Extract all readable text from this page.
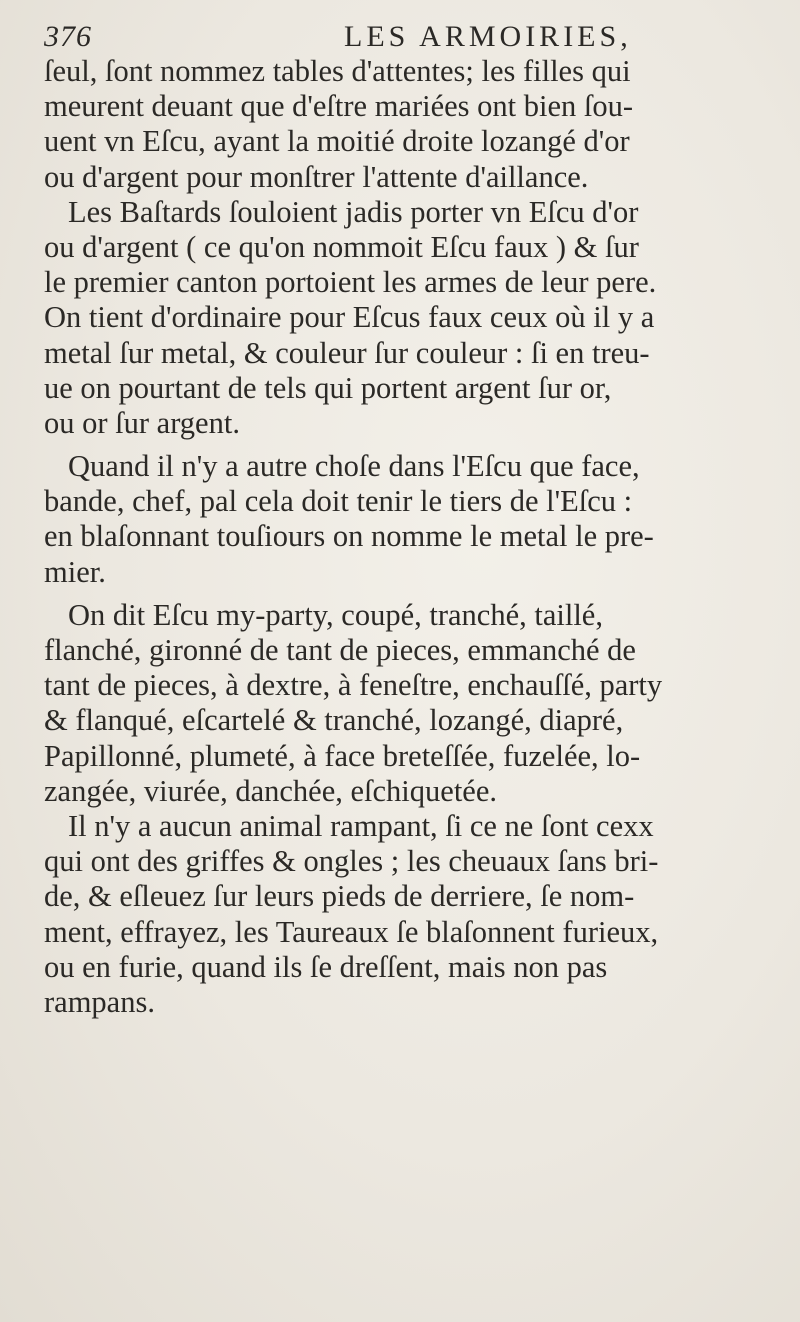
376	LES ARMOIRIES,
ſeul, ſont nommez tables d'attentes; les filles qui
meurent deuant que d'eſtre mariées ont bien ſou-
uent vn Eſcu, ayant la moitié droite lozangé d'or
ou d'argent pour monſtrer l'attente d'aillance.
Les Baſtards ſouloient jadis porter vn Eſcu d'or
ou d'argent ( ce qu'on nommoit Eſcu faux ) & ſur
le premier canton portoient les armes de leur pere.
On tient d'ordinaire pour Eſcus faux ceux où il y a
metal ſur metal, & couleur ſur couleur : ſi en treu-
ue on pourtant de tels qui portent argent ſur or,
ou or ſur argent.
Quand il n'y a autre choſe dans l'Eſcu que face,
bande, chef, pal cela doit tenir le tiers de l'Eſcu :
en blaſonnant touſiours on nomme le metal le pre-
mier.
On dit Eſcu my-party, coupé, tranché, taillé,
flanché, gironné de tant de pieces, emmanché de
tant de pieces, à dextre, à feneſtre, enchauſſé, party
& flanqué, eſcartelé & tranché, lozangé, diapré,
Papillonné, plumeté, à face breteſſée, fuzelée, lo-
zangée, viurée, danchée, eſchiquetée.
Il n'y a aucun animal rampant, ſi ce ne ſont cexx
qui ont des griffes & ongles ; les cheuaux ſans bri-
de, & eſleuez ſur leurs pieds de derriere, ſe nom-
ment, effrayez, les Taureaux ſe blaſonnent furieux,
ou en furie, quand ils ſe dreſſent, mais non pas
rampans.
